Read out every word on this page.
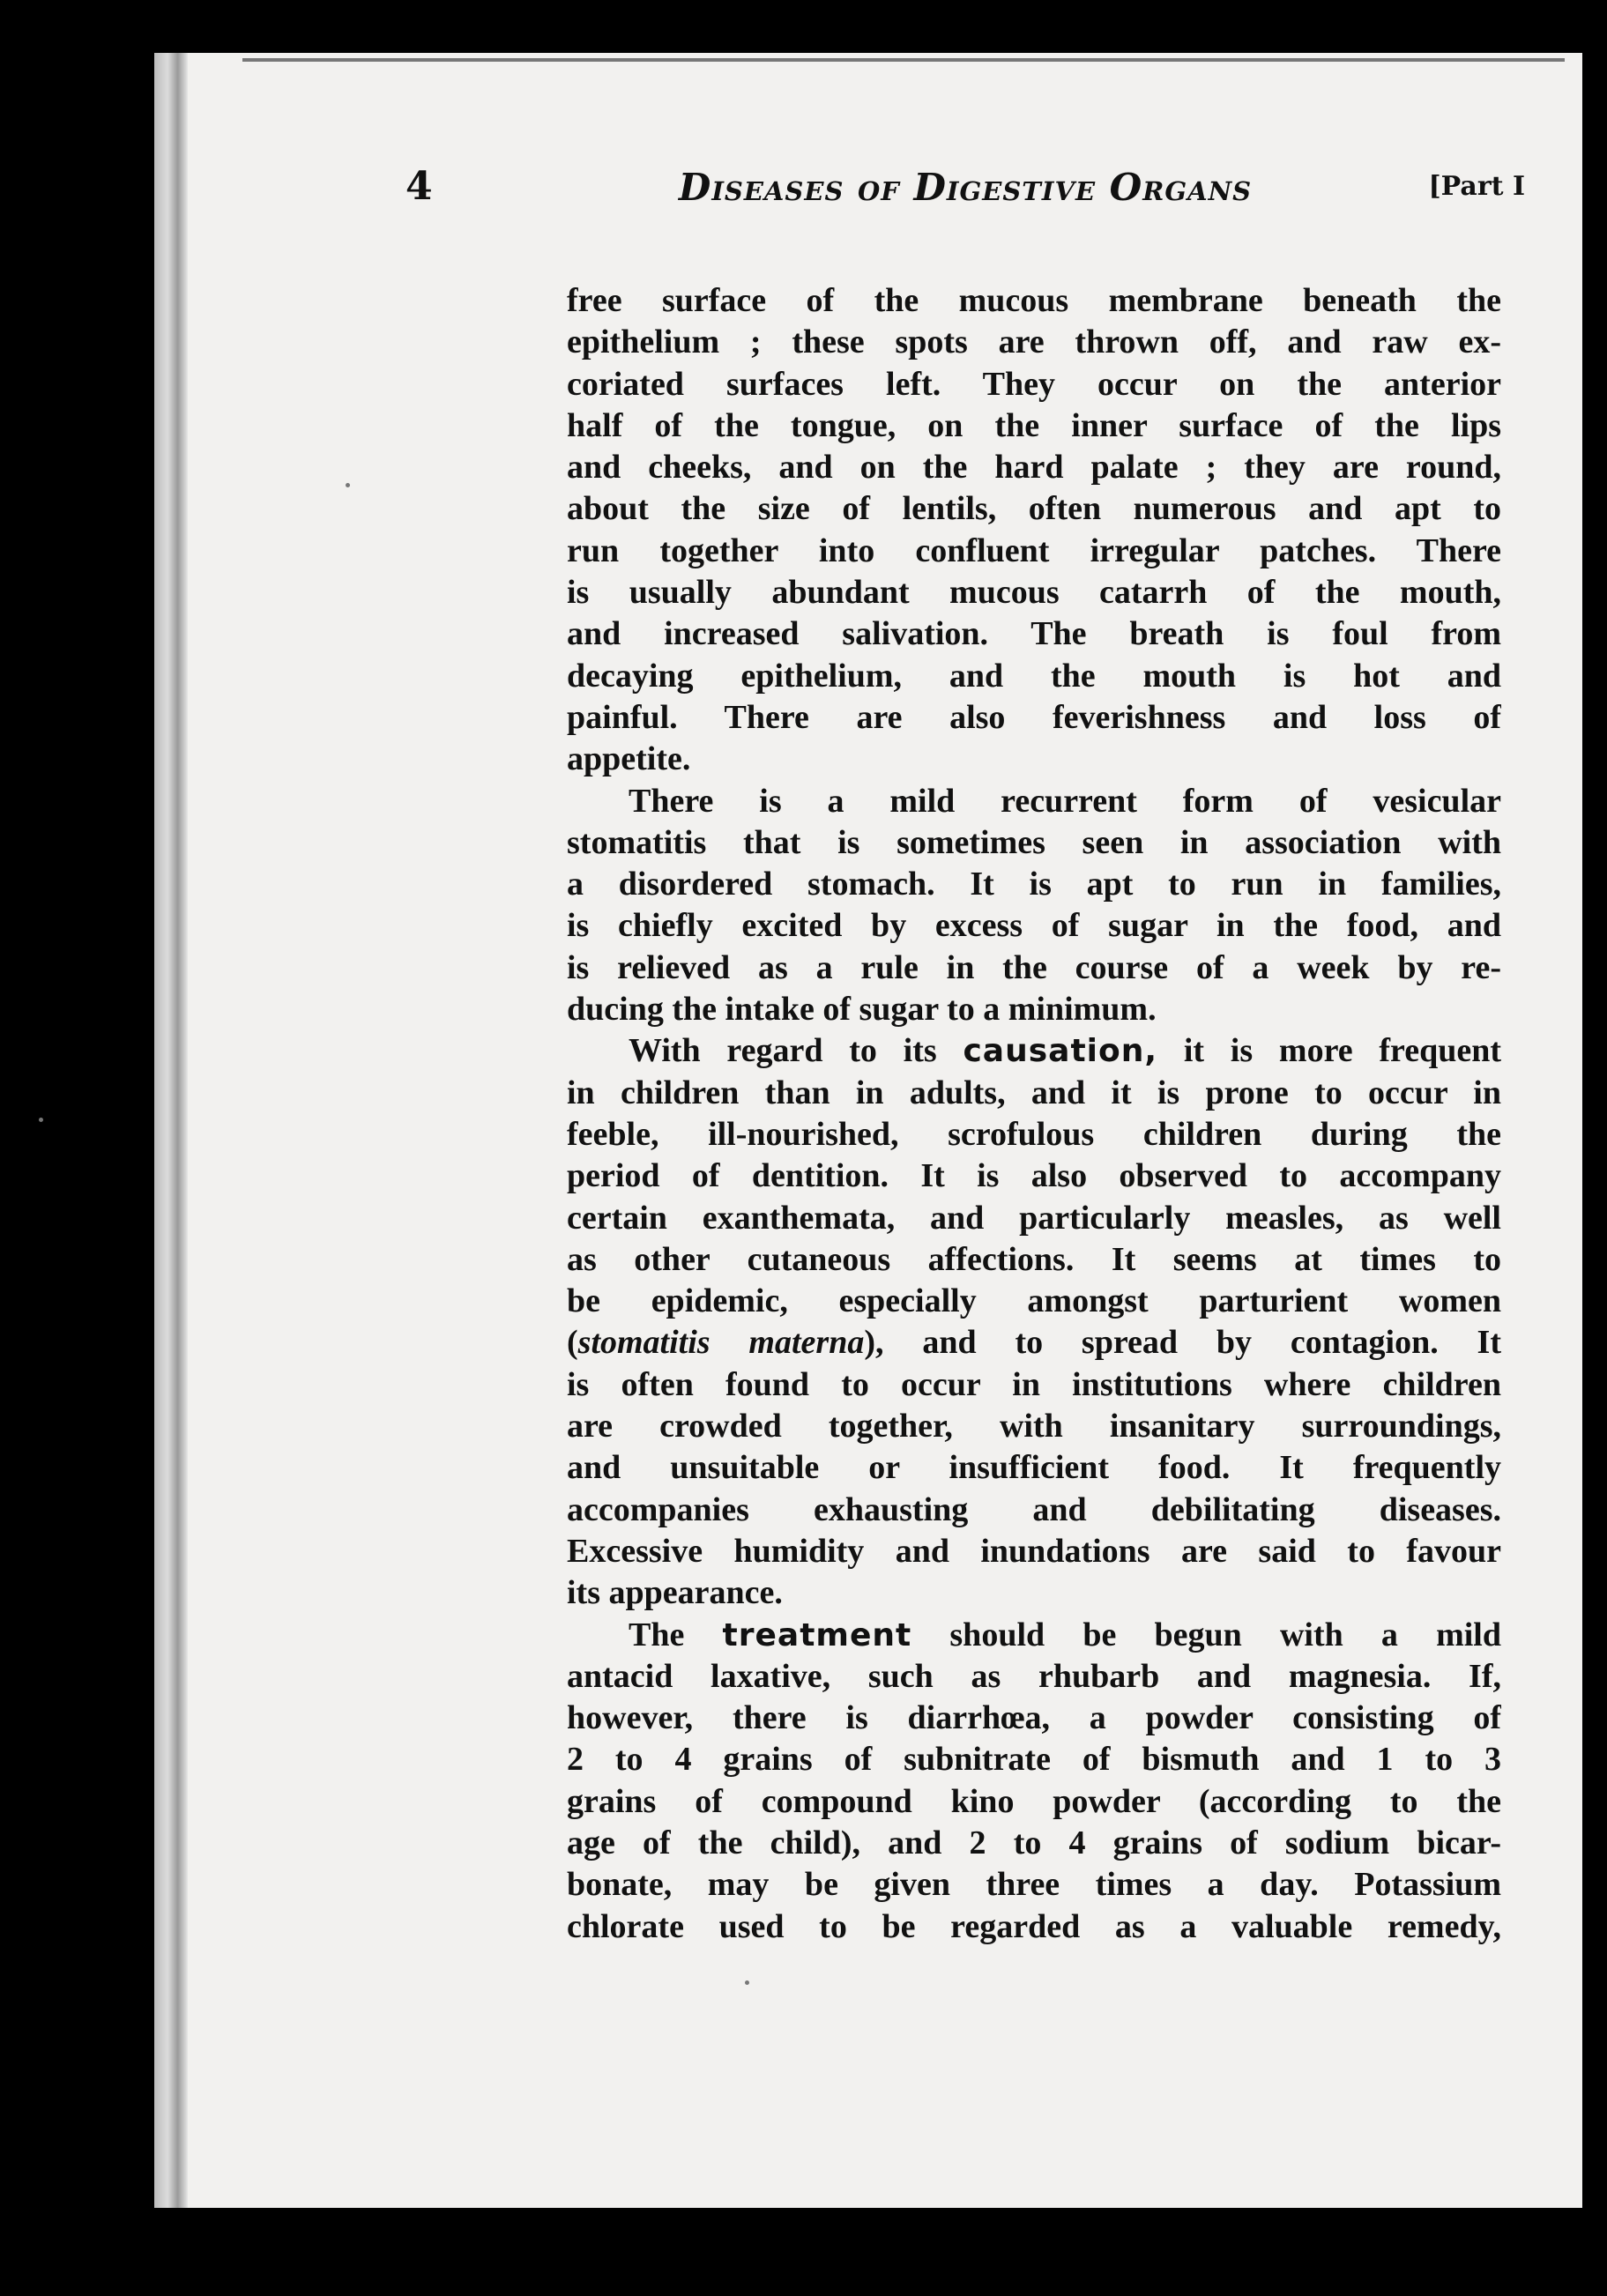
4	Diseases of Digestive Organs	[Part I
free surface of the mucous membrane beneath the
epithelium ; these spots are thrown off, and raw ex-
coriated surfaces left. They occur on the anterior
half of the tongue, on the inner surface of the lips
and cheeks, and on the hard palate ; they are round,
about the size of lentils, often numerous and apt to
run together into confluent irregular patches. There
is usually abundant mucous catarrh of the mouth,
and increased salivation. The breath is foul from
decaying epithelium, and the mouth is hot and
painful. There are also feverishness and loss of
appetite.
There is a mild recurrent form of vesicular
stomatitis that is sometimes seen in association with
a disordered stomach. It is apt to run in families,
is chiefly excited by excess of sugar in the food, and
is relieved as a rule in the course of a week by re-
ducing the intake of sugar to a minimum.
With regard to its causation, it is more frequent
in children than in adults, and it is prone to occur in
feeble, ill-nourished, scrofulous children during the
period of dentition. It is also observed to accompany
certain exanthemata, and particularly measles, as well
as other cutaneous affections. It seems at times to
be epidemic, especially amongst parturient women
(stomatitis materna), and to spread by contagion. It
is often found to occur in institutions where children
are crowded together, with insanitary surroundings,
and unsuitable or insufficient food. It frequently
accompanies exhausting and debilitating diseases.
Excessive humidity and inundations are said to favour
its appearance.
The treatment should be begun with a mild
antacid laxative, such as rhubarb and magnesia. If,
however, there is diarrhœa, a powder consisting of
2 to 4 grains of subnitrate of bismuth and 1 to 3
grains of compound kino powder (according to the
age of the child), and 2 to 4 grains of sodium bicar-
bonate, may be given three times a day. Potassium
chlorate used to be regarded as a valuable remedy,
